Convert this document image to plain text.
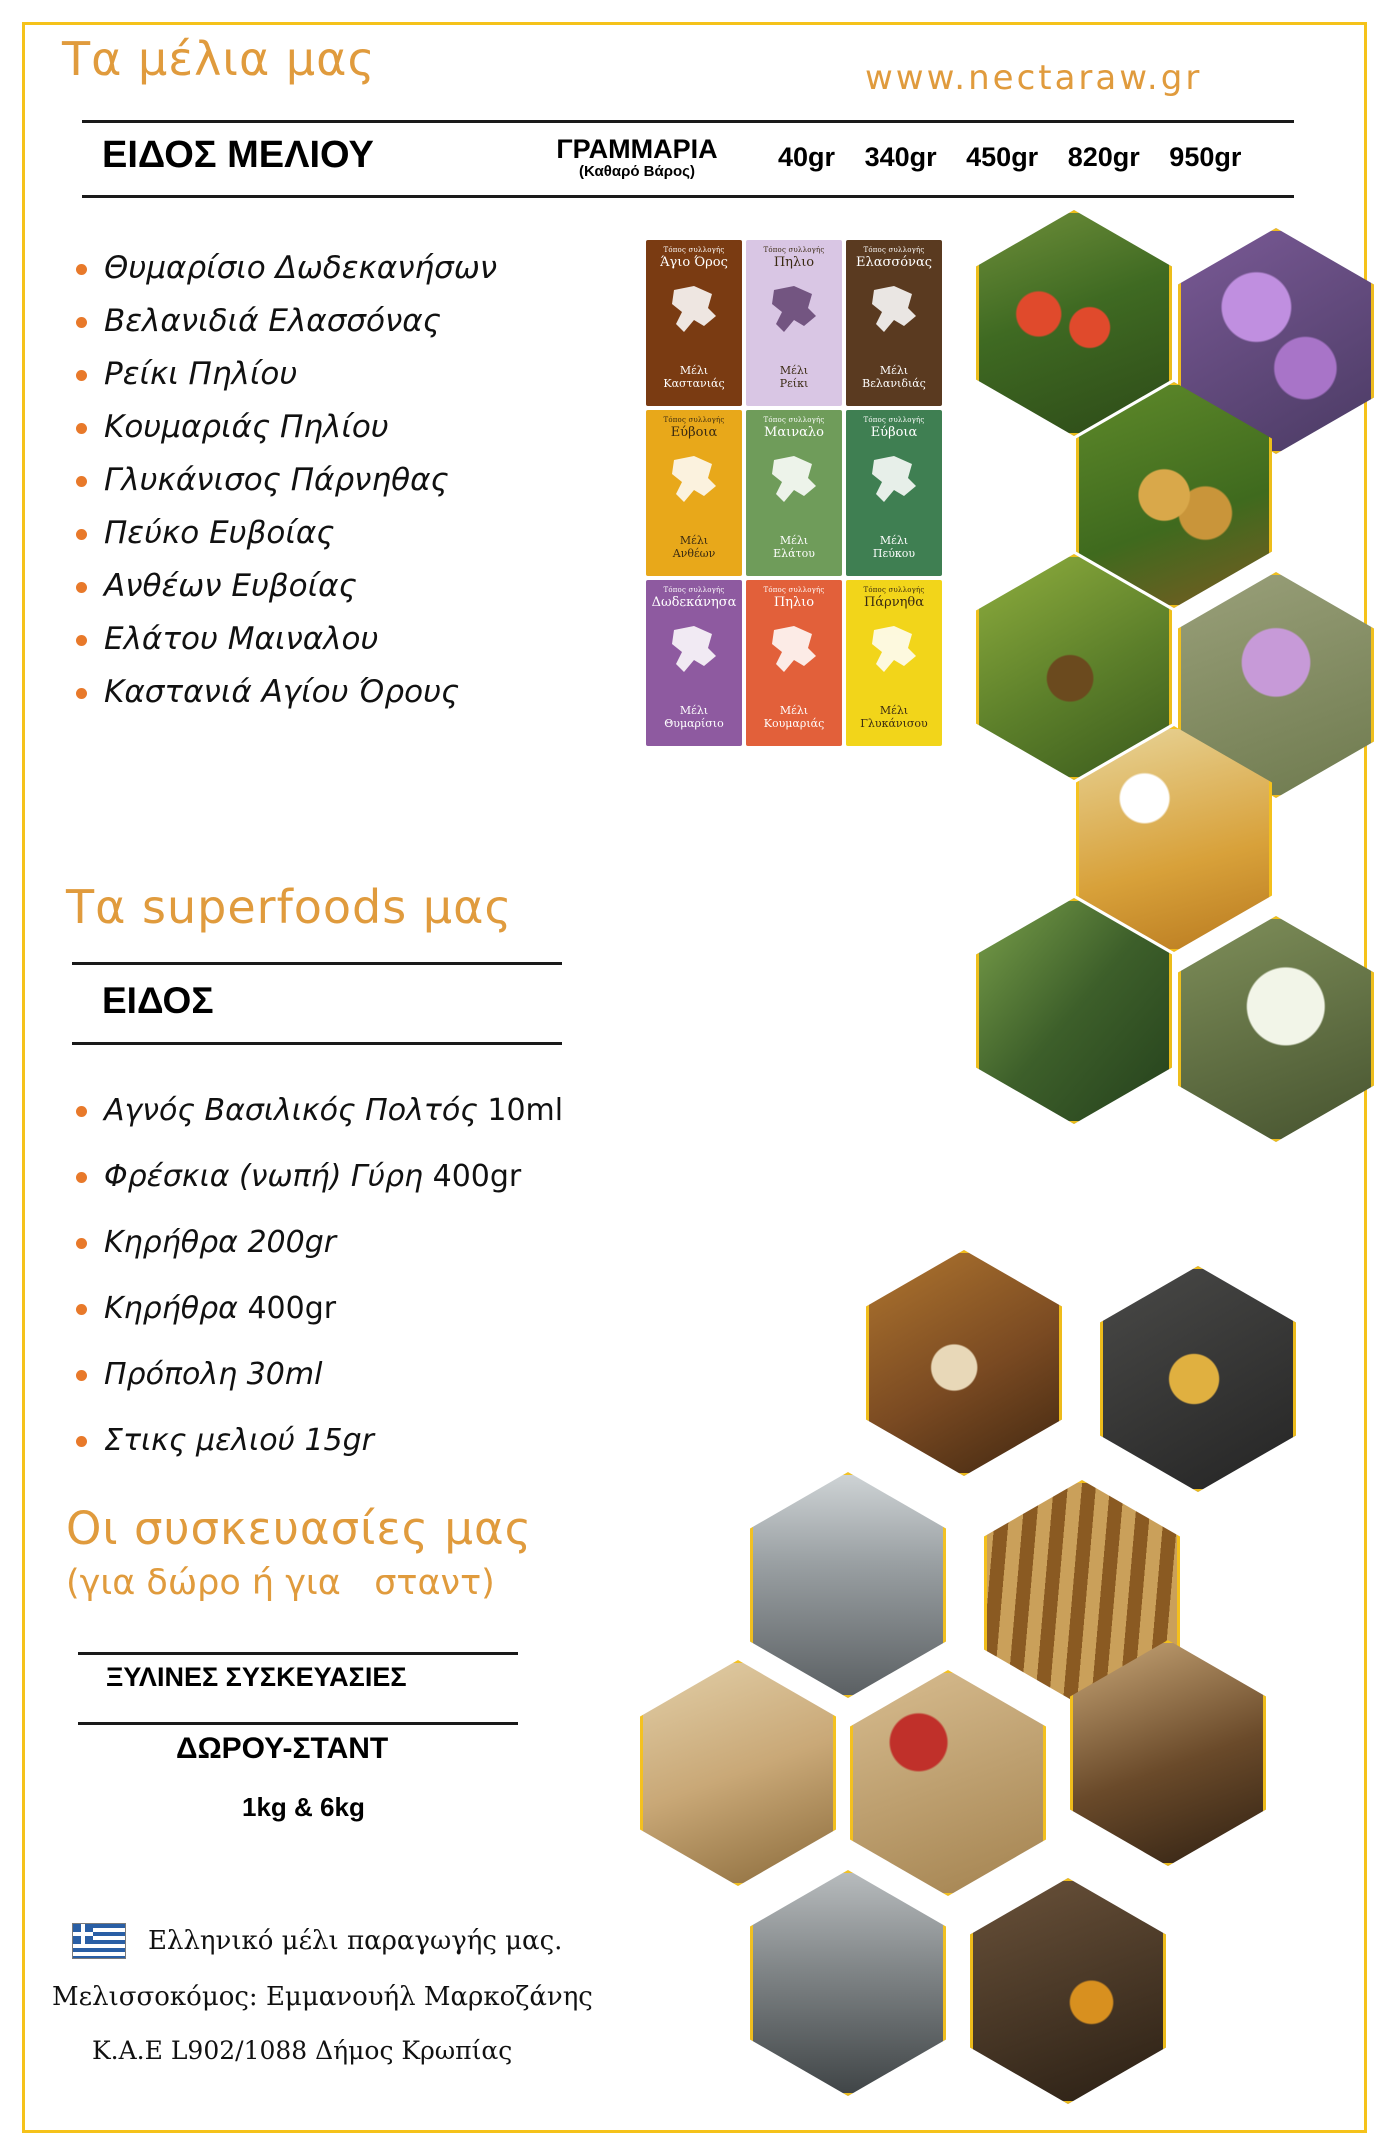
Τα μέλια μας	www.nectaraw.gr
ΕΙΔΟΣ ΜΕΛΙΟΥ	ΓΡΑΜΜΑΡΙΑ
(Καθαρό Βάρος)	40gr 340gr 450gr 820gr 950gr
Θυμαρίσιο Δωδεκανήσων
Βελανιδιά Ελασσόνας
Ρείκι Πηλίου
Κουμαριάς Πηλίου
Γλυκάνισος Πάρνηθας
Πεύκο Ευβοίας
Ανθέων Ευβοίας
Ελάτου Μαιναλου
Καστανιά Αγίου Όρους
Τόπος συλλογής
Άγιο Όρος
Μέλι
Καστανιάς
Τόπος συλλογής
Πηλιο
Μέλι
Ρείκι
Τόπος συλλογής
Ελασσόνας
Μέλι
Βελανιδιάς
Τόπος συλλογής
Εύβοια
Μέλι
Ανθέων
Τόπος συλλογής
Μαιναλο
Μέλι
Ελάτου
Τόπος συλλογής
Εύβοια
Μέλι
Πεύκου
Τόπος συλλογής
Δωδεκάνησα
Μέλι
Θυμαρίσιο
Τόπος συλλογής
Πηλιο
Μέλι
Κουμαριάς
Τόπος συλλογής
Πάρνηθα
Μέλι
Γλυκάνισου
Τα superfoods μας
ΕΙΔΟΣ
Αγνός Βασιλικός Πολτός 10ml
Φρέσκια (νωπή) Γύρη 400gr
Κηρήθρα 200gr
Κηρήθρα 400gr
Πρόπολη 30ml
Στικς μελιού 15gr
Οι συσκευασίες μας
(για δώρο ή για   σταντ)
ΞΥΛΙΝΕΣ ΣΥΣΚΕΥΑΣΙΕΣ
ΔΩΡΟΥ-ΣΤΑΝΤ
1kg & 6kg
Ελληνικό μέλι παραγωγής μας.
Μελισσοκόμος: Εμμανουήλ Μαρκοζάνης
Κ.Α.Ε L902/1088 Δήμος Κρωπίας
